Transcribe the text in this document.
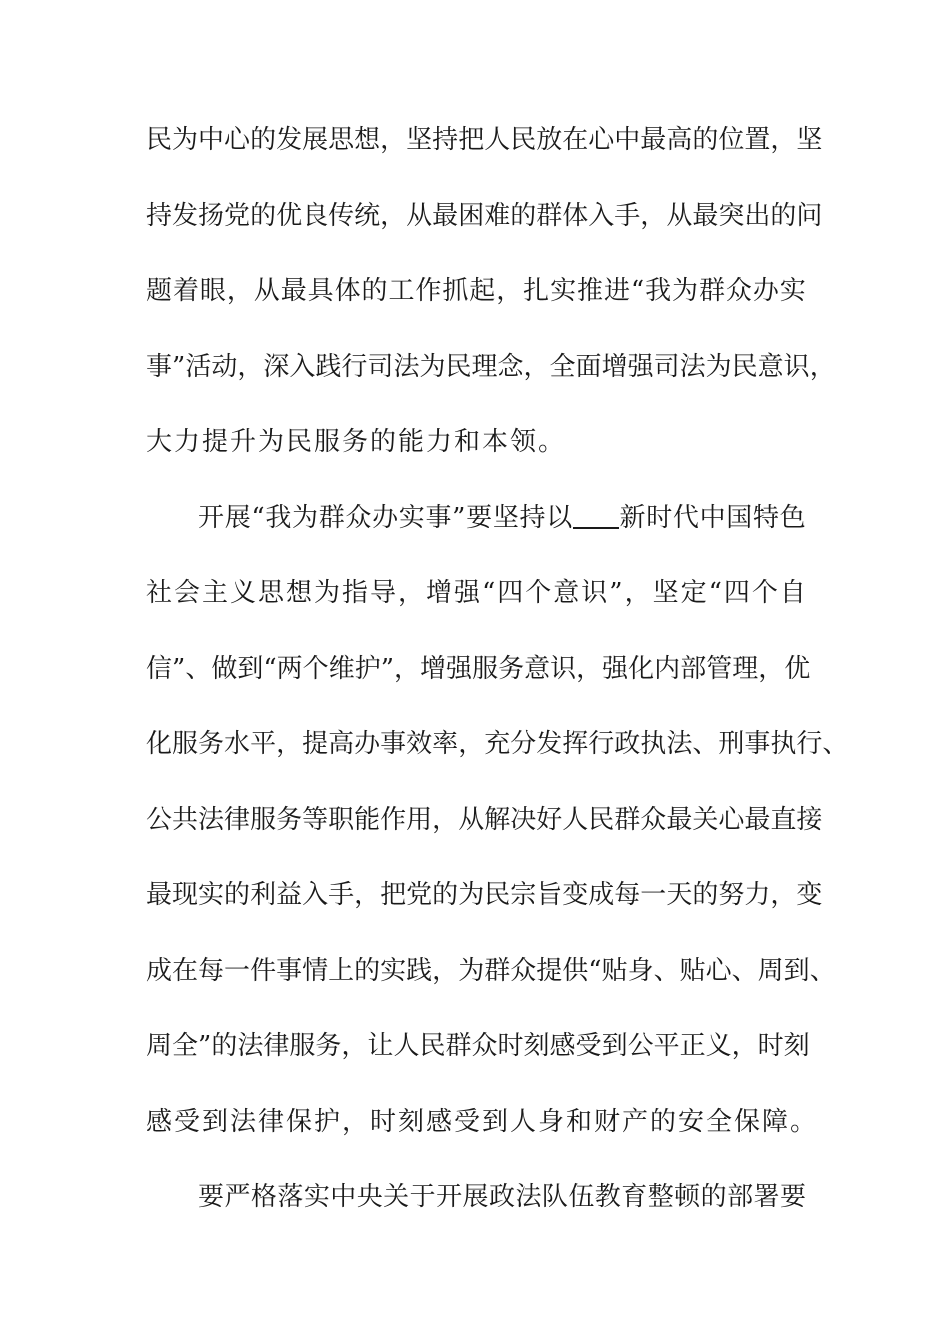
民 为 中 心 的 发 展 思 想 ， 坚 持 把 人 民 放 在 心 中 最 高 的 位 置 ， 坚
持 发 扬 党 的 优 良 传 统 ， 从 最 困 难 的 群 体 入 手 ， 从 最 突 出 的 问
题 着 眼 ， 从 最 具 体 的 工 作 抓 起 ， 扎 实 推 进 “ 我 为 群 众 办 实
事 ” 活 动 ， 深 入 践 行 司 法 为 民 理 念 ， 全 面 增 强 司 法 为 民 意 识 ，
大力提升为民服务的能力和本领。
开 展 “ 我 为 群 众 办 实 事 ” 要 坚 持 以 新 时 代 中 国 特 色
社 会 主 义 思 想 为 指 导 ， 增 强 “ 四 个 意 识 ” ， 坚 定 “ 四 个 自
信 ” 、 做 到 “ 两 个 维 护 ” ， 增 强 服 务 意 识 ， 强 化 内 部 管 理 ， 优
化 服 务 水 平 ， 提 高 办 事 效 率 ， 充 分 发 挥 行 政 执 法 、 刑 事 执 行 、
公 共 法 律 服 务 等 职 能 作 用 ， 从 解 决 好 人 民 群 众 最 关 心 最 直 接
最 现 实 的 利 益 入 手 ， 把 党 的 为 民 宗 旨 变 成 每 一 天 的 努 力 ， 变
成 在 每 一 件 事 情 上 的 实 践 ， 为 群 众 提 供 “ 贴 身 、 贴 心 、 周 到 、
周 全 ” 的 法 律 服 务 ， 让 人 民 群 众 时 刻 感 受 到 公 平 正 义 ， 时 刻
感受到法律保护，时刻感受到人身和财产的安全保障。
要 严 格 落 实 中 央 关 于 开 展 政 法 队 伍 教 育 整 顿 的 部 署 要
